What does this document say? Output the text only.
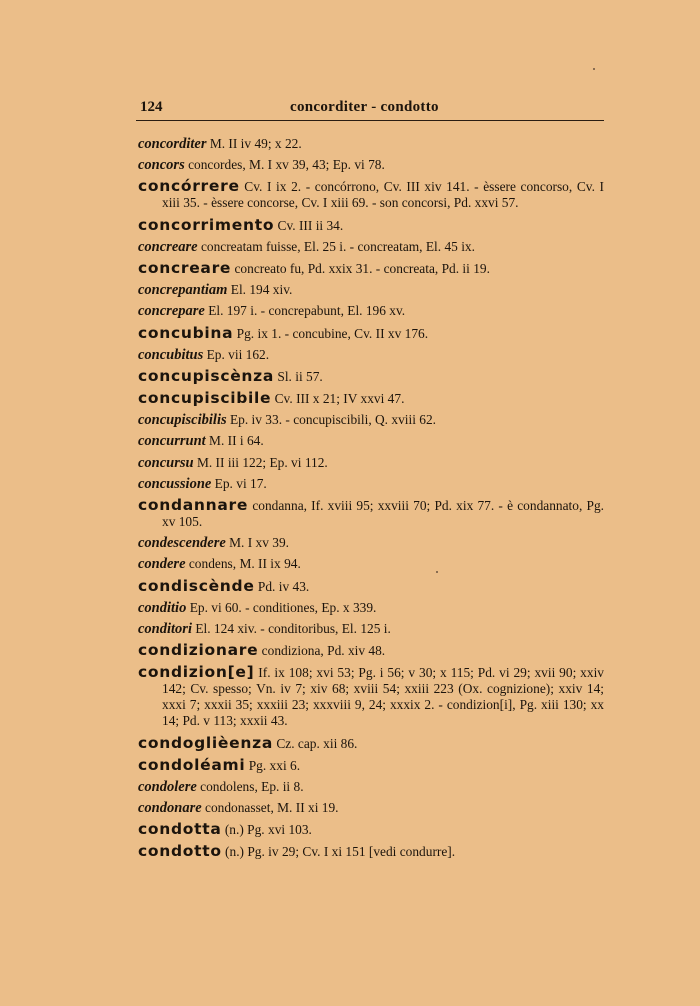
124	concorditer - condotto
concorditer M. II iv 49; x 22.
concors concordes, M. I xv 39, 43; Ep. vi 78.
concórrere Cv. I ix 2. - concórrono, Cv. III xiv 141. - èssere concorso, Cv. I xiii 35. - èssere concorse, Cv. I xiii 69. - son concorsi, Pd. xxvi 57.
concorrimento Cv. III ii 34.
concreare concreatam fuisse, El. 25 i. - concreatam, El. 45 ix.
concreare concreato fu, Pd. xxix 31. - concreata, Pd. ii 19.
concrepantiam El. 194 xiv.
concrepare El. 197 i. - concrepabunt, El. 196 xv.
concubina Pg. ix 1. - concubine, Cv. II xv 176.
concubitus Ep. vii 162.
concupiscènza Sl. ii 57.
concupiscibile Cv. III x 21; IV xxvi 47.
concupiscibilis Ep. iv 33. - concupiscibili, Q. xviii 62.
concurrunt M. II i 64.
concursu M. II iii 122; Ep. vi 112.
concussione Ep. vi 17.
condannare condanna, If. xviii 95; xxviii 70; Pd. xix 77. - è condannato, Pg. xv 105.
condescendere M. I xv 39.
condere condens, M. II ix 94.
condiscènde Pd. iv 43.
conditio Ep. vi 60. - conditiones, Ep. x 339.
conditori El. 124 xiv. - conditoribus, El. 125 i.
condizionare condiziona, Pd. xiv 48.
condizion[e] If. ix 108; xvi 53; Pg. i 56; v 30; x 115; Pd. vi 29; xvii 90; xxiv 142; Cv. spesso; Vn. iv 7; xiv 68; xviii 54; xxiii 223 (Ox. cognizione); xxiv 14; xxxi 7; xxxii 35; xxxiii 23; xxxviii 9, 24; xxxix 2. - condizion[i], Pg. xiii 130; xx 14; Pd. v 113; xxxii 43.
condoglièenza Cz. cap. xii 86.
condoléami Pg. xxi 6.
condolere condolens, Ep. ii 8.
condonare condonasset, M. II xi 19.
condotta (n.) Pg. xvi 103.
condotto (n.) Pg. iv 29; Cv. I xi 151 [vedi condurre].
